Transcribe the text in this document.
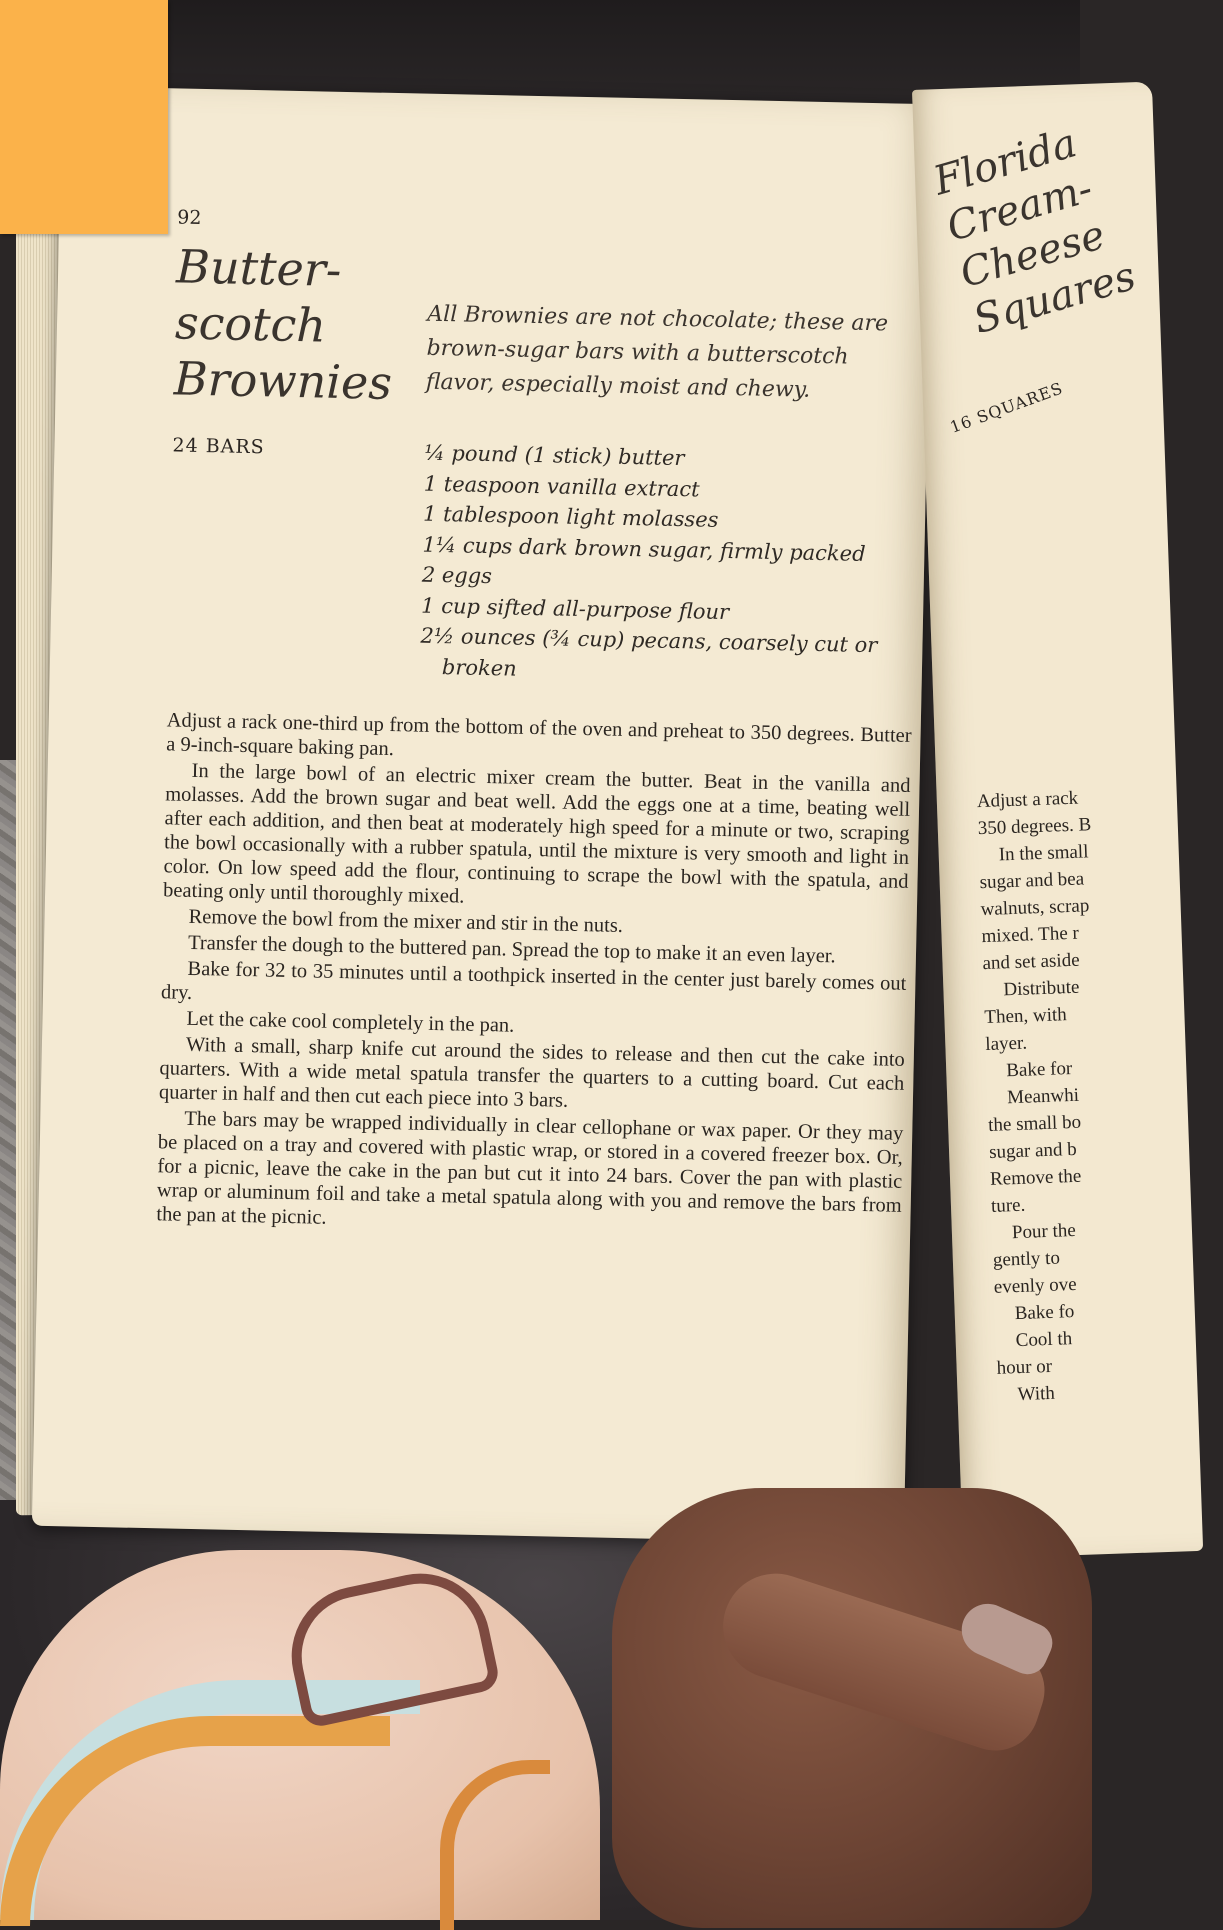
92
Butter-
scotch
Brownies
24 BARS

All Brownies are not chocolate; these are brown-sugar bars with a butterscotch flavor, especially moist and chewy.

¼ pound (1 stick) butter
1 teaspoon vanilla extract
1 tablespoon light molasses
1¼ cups dark brown sugar, firmly packed
2 eggs
1 cup sifted all-purpose flour
2½ ounces (¾ cup) pecans, coarsely cut or broken

Adjust a rack one-third up from the bottom of the oven and preheat to 350 degrees. Butter a 9-inch-square baking pan.

In the large bowl of an electric mixer cream the butter. Beat in the vanilla and molasses. Add the brown sugar and beat well. Add the eggs one at a time, beating well after each addition, and then beat at moderately high speed for a minute or two, scraping the bowl occasionally with a rubber spatula, until the mixture is very smooth and light in color. On low speed add the flour, continuing to scrape the bowl with the spatula, and beating only until thoroughly mixed.

Remove the bowl from the mixer and stir in the nuts.

Transfer the dough to the buttered pan. Spread the top to make it an even layer.

Bake for 32 to 35 minutes until a toothpick inserted in the center just barely comes out dry.

Let the cake cool completely in the pan.

With a small, sharp knife cut around the sides to release and then cut the cake into quarters. With a wide metal spatula transfer the quarters to a cutting board. Cut each quarter in half and then cut each piece into 3 bars.

The bars may be wrapped individually in clear cellophane or wax paper. Or they may be placed on a tray and covered with plastic wrap, or stored in a covered freezer box. Or, for a picnic, leave the cake in the pan but cut it into 24 bars. Cover the pan with plastic wrap or aluminum foil and take a metal spatula along with you and remove the bars from the pan at the picnic.

Florida
Cream-
Cheese
Squares
16 SQUARES
Adjust a rack
350 degrees. B
In the small
sugar and bea
walnuts, scrap
mixed. The r
and set aside
Distribute
Then, with
layer.
Bake for
Meanwhi
the small bo
sugar and b
Remove the
ture.
Pour the
gently to
evenly ove
Bake fo
Cool th
hour or
With
